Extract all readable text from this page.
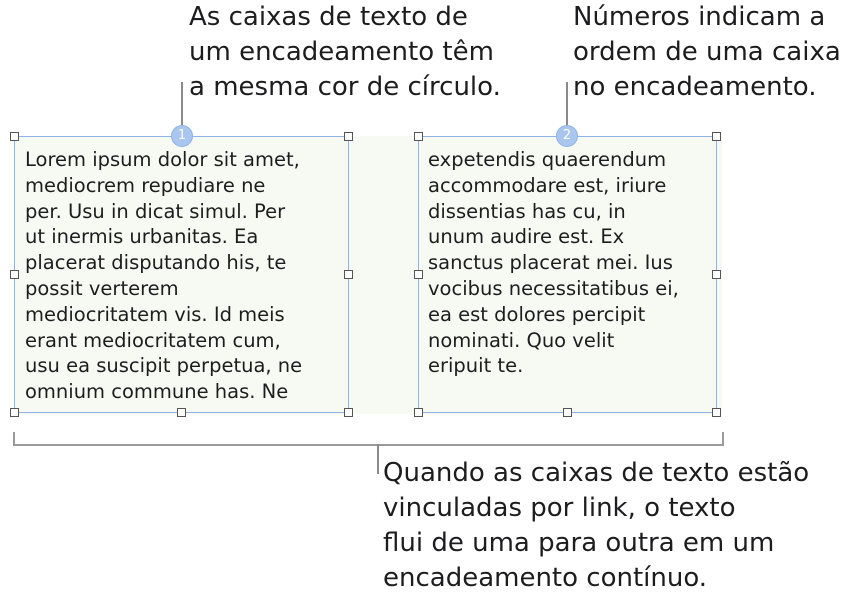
As caixas de texto de
um encadeamento têm
a mesma cor de círculo.
Números indicam a
ordem de uma caixa
no encadeamento.
Lorem ipsum dolor sit amet,
mediocrem repudiare ne
per. Usu in dicat simul. Per
ut inermis urbanitas. Ea
placerat disputando his, te
possit verterem
mediocritatem vis. Id meis
erant mediocritatem cum,
usu ea suscipit perpetua, ne
omnium commune has. Ne
expetendis quaerendum
accommodare est, iriure
dissentias has cu, in
unum audire est. Ex
sanctus placerat mei. Ius
vocibus necessitatibus ei,
ea est dolores percipit
nominati. Quo velit
eripuit te.
1	2
Quando as caixas de texto estão
vinculadas por link, o texto
flui de uma para outra em um
encadeamento contínuo.
